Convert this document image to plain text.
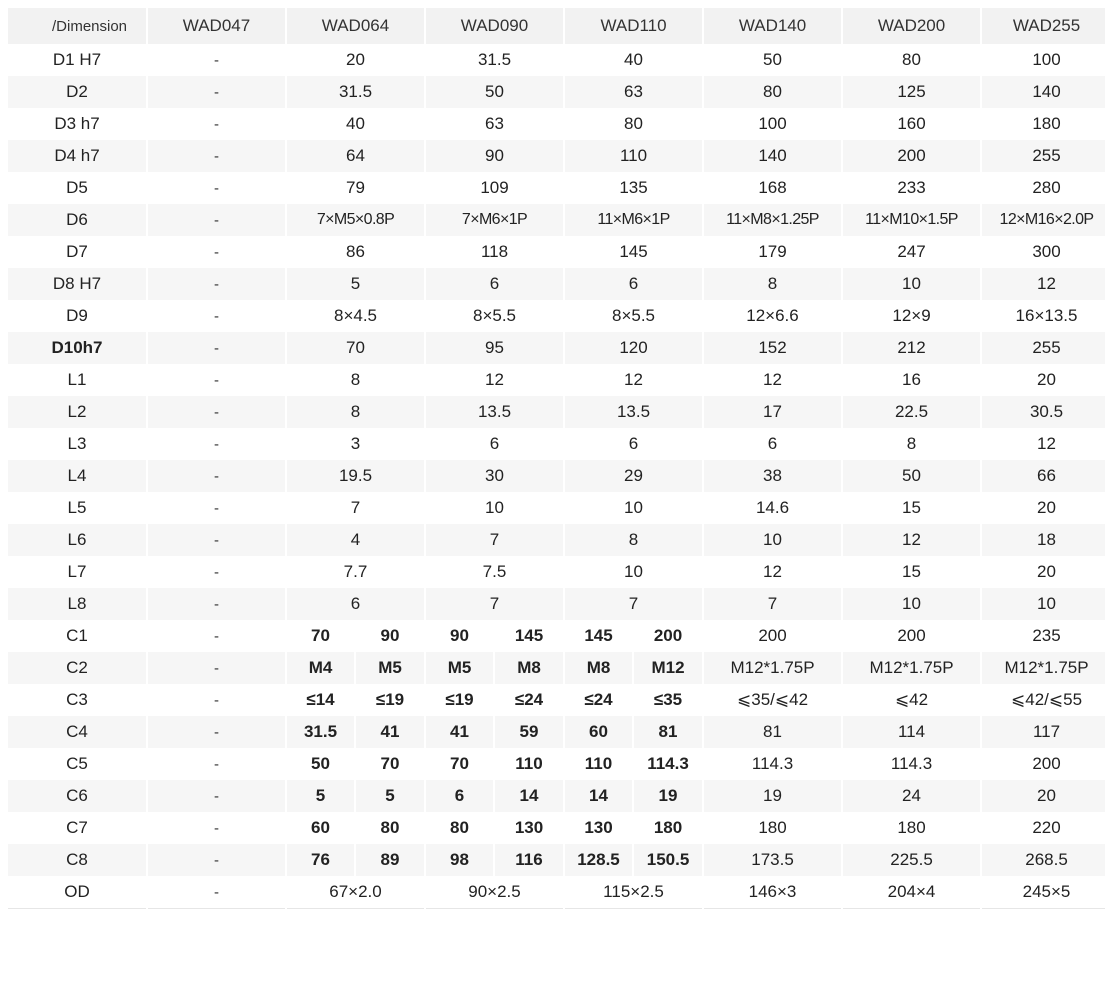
/Dimension	WAD047	WAD064		WAD090		WAD110		WAD140	WAD200	WAD255
D1 H7	-	20		31.5		40		50	80	100
D2	-	31.5		50		63		80	125	140
D3 h7	-	40		63		80		100	160	180
D4 h7	-	64		90		110		140	200	255
D5	-	79		109		135		168	233	280
D6	-	7×M5×0.8P		7×M6×1P		11×M6×1P		11×M8×1.25P	11×M10×1.5P	12×M16×2.0P
D7	-	86		118		145		179	247	300
D8 H7	-	5		6		6		8	10	12
D9	-	8×4.5		8×5.5		8×5.5		12×6.6	12×9	16×13.5
D10h7	-	70		95		120		152	212	255
L1	-	8		12		12		12	16	20
L2	-	8		13.5		13.5		17	22.5	30.5
L3	-	3		6		6		6	8	12
L4	-	19.5		30		29		38	50	66
L5	-	7		10		10		14.6	15	20
L6	-	4		7		8		10	12	18
L7	-	7.7		7.5		10		12	15	20
L8	-	6		7		7		7	10	10
C1	-	70	90	90	145	145	200	200	200	235
C2	-	M4	M5	M5	M8	M8	M12	M12*1.75P	M12*1.75P	M12*1.75P
C3	-	≤14	≤19	≤19	≤24	≤24	≤35	⩽35/⩽42	⩽42	⩽42/⩽55
C4	-	31.5	41	41	59	60	81	81	114	117
C5	-	50	70	70	110	110	114.3	114.3	114.3	200
C6	-	5	5	6	14	14	19	19	24	20
C7	-	60	80	80	130	130	180	180	180	220
C8	-	76	89	98	116	128.5	150.5	173.5	225.5	268.5
OD	-	67×2.0		90×2.5		115×2.5		146×3	204×4	245×5
